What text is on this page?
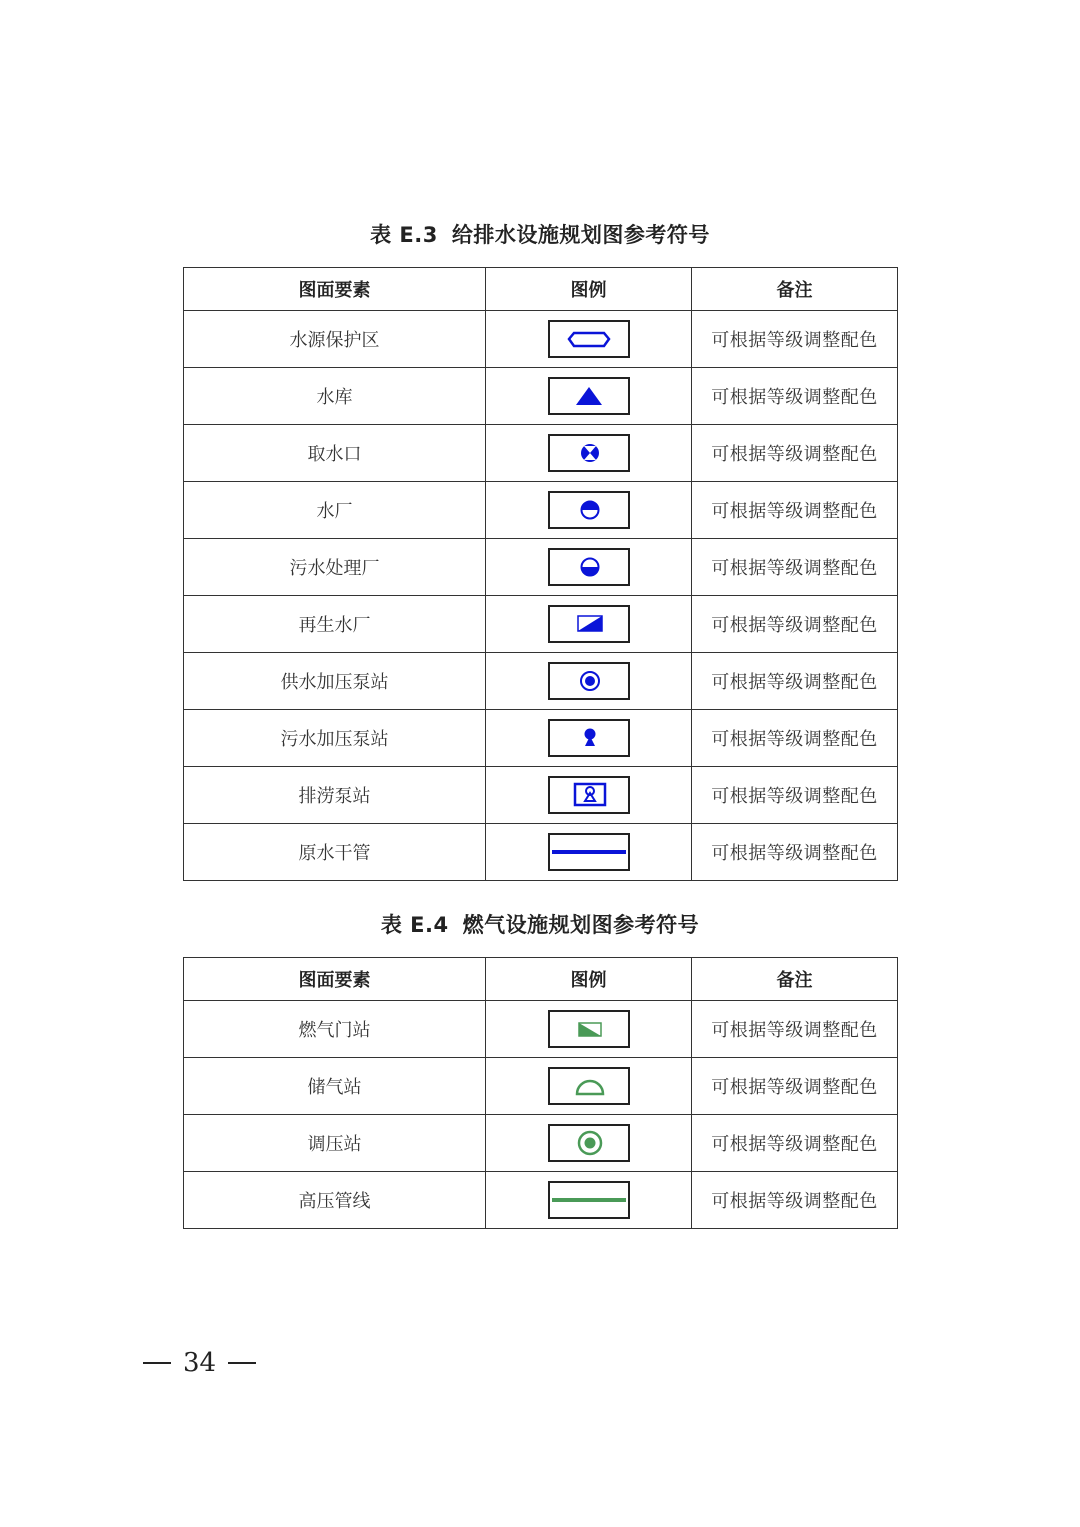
表 E.3 给排水设施规划图参考符号
图面要素	图例	备注
水源保护区		可根据等级调整配色
水库		可根据等级调整配色
取水口		可根据等级调整配色
水厂		可根据等级调整配色
污水处理厂		可根据等级调整配色
再生水厂		可根据等级调整配色
供水加压泵站		可根据等级调整配色
污水加压泵站		可根据等级调整配色
排涝泵站		可根据等级调整配色
原水干管		可根据等级调整配色
表 E.4 燃气设施规划图参考符号
图面要素	图例	备注
燃气门站		可根据等级调整配色
储气站		可根据等级调整配色
调压站		可根据等级调整配色
高压管线		可根据等级调整配色
34
